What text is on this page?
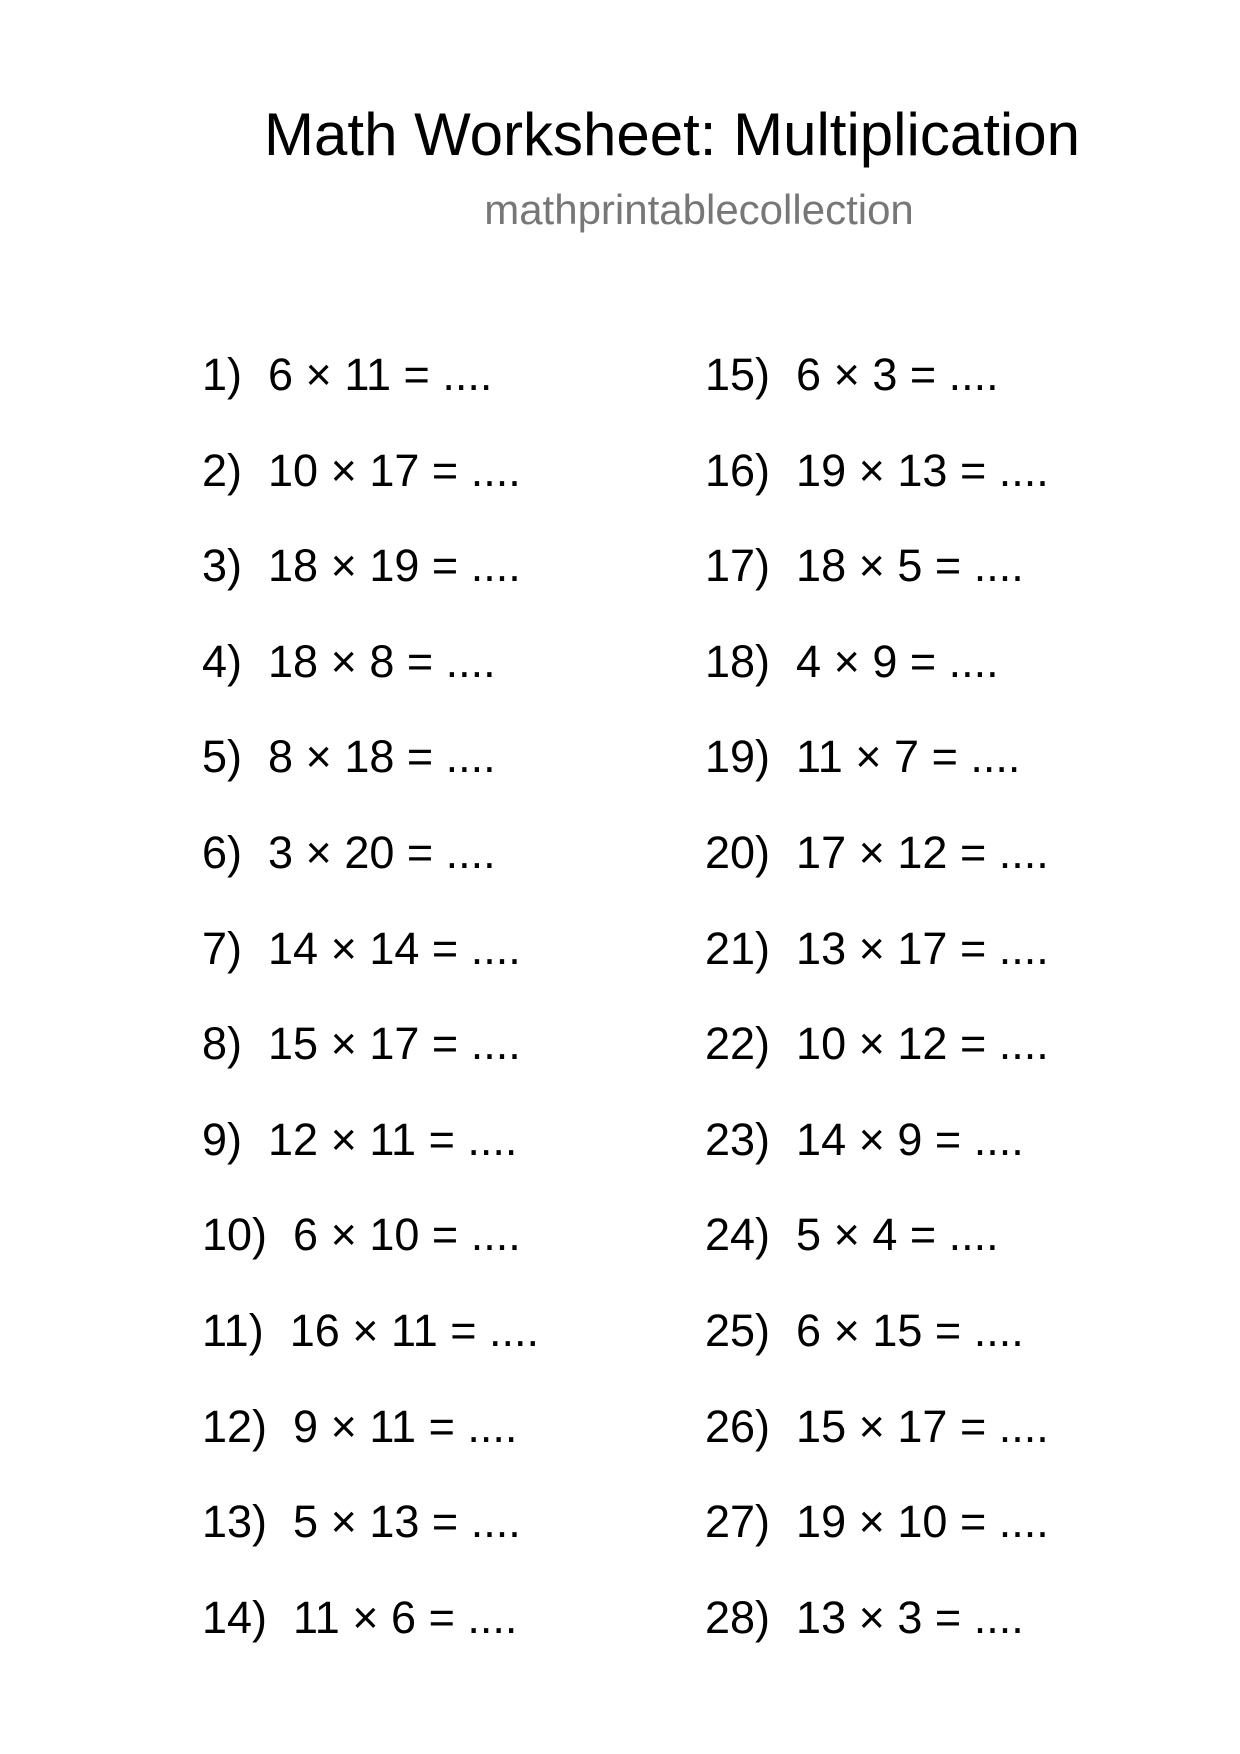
Math Worksheet: Multiplication
mathprintablecollection
1) 6 × 11 = ....
2) 10 × 17 = ....
3) 18 × 19 = ....
4) 18 × 8 = ....
5) 8 × 18 = ....
6) 3 × 20 = ....
7) 14 × 14 = ....
8) 15 × 17 = ....
9) 12 × 11 = ....
10) 6 × 10 = ....
11) 16 × 11 = ....
12) 9 × 11 = ....
13) 5 × 13 = ....
14) 11 × 6 = ....
15) 6 × 3 = ....
16) 19 × 13 = ....
17) 18 × 5 = ....
18) 4 × 9 = ....
19) 11 × 7 = ....
20) 17 × 12 = ....
21) 13 × 17 = ....
22) 10 × 12 = ....
23) 14 × 9 = ....
24) 5 × 4 = ....
25) 6 × 15 = ....
26) 15 × 17 = ....
27) 19 × 10 = ....
28) 13 × 3 = ....
